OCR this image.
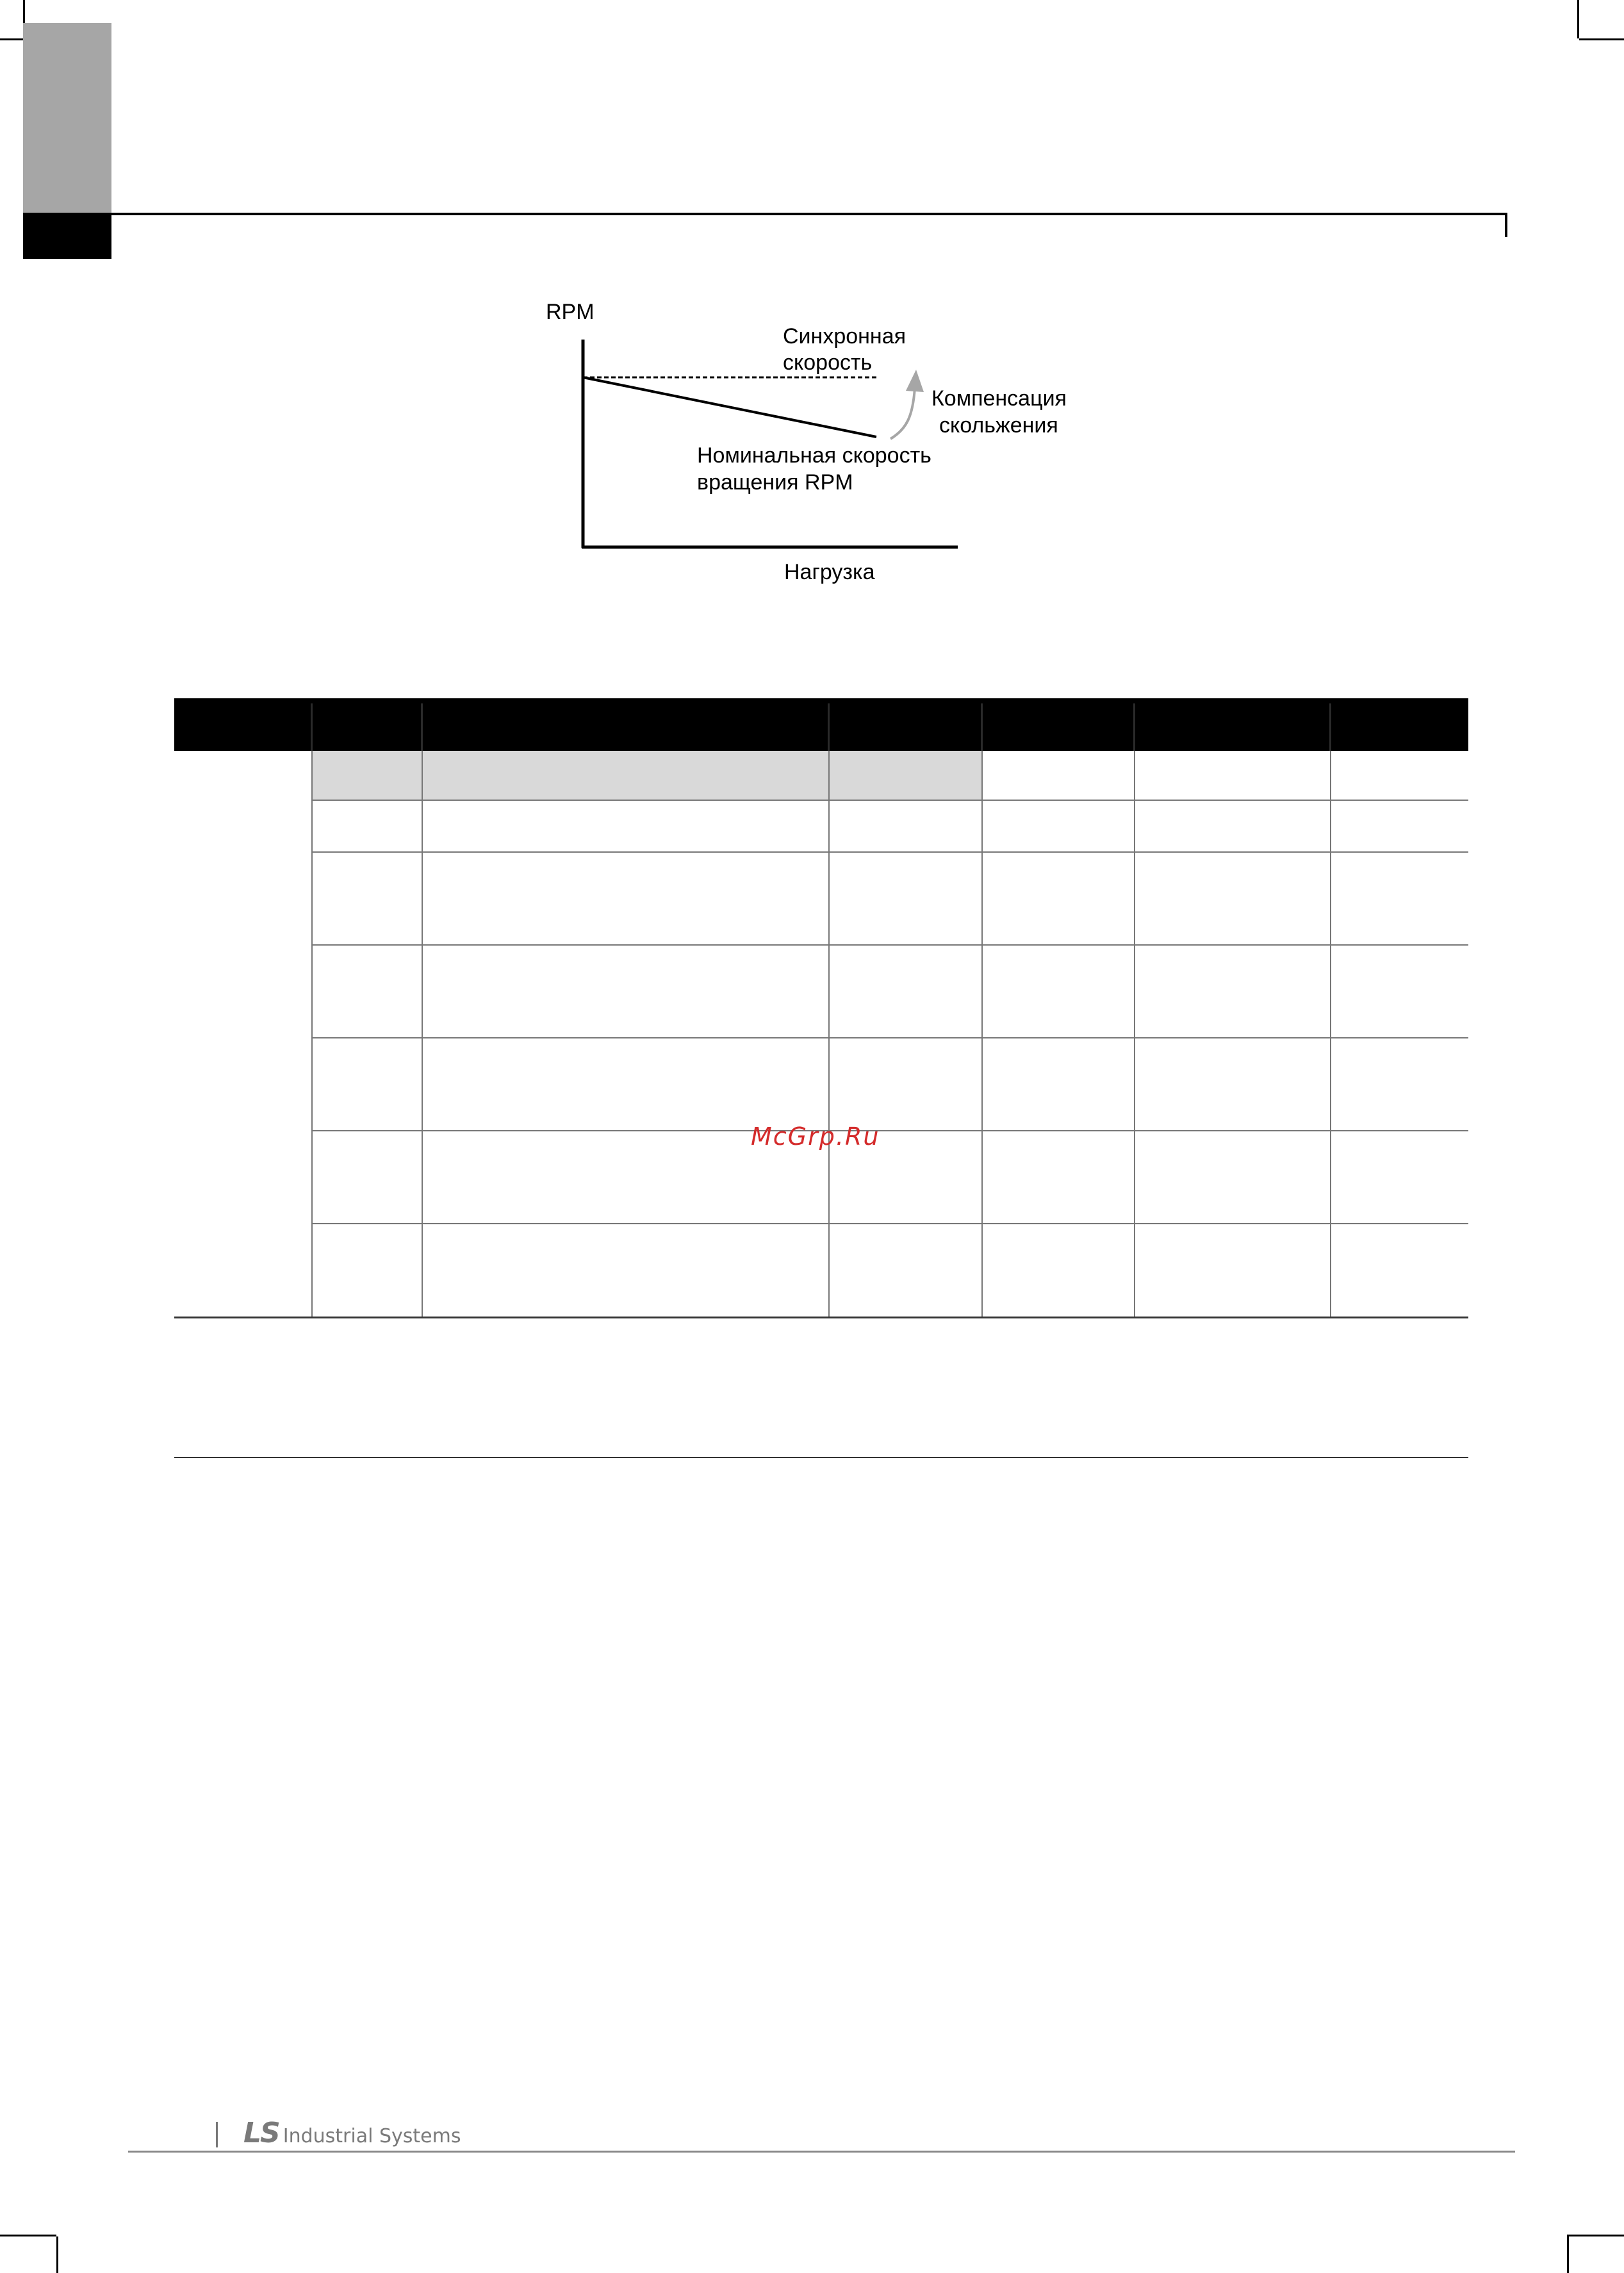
RPM
Синхронная
скорость
Компенсация
скольжения
Номинальная скорость
вращения RPM
Нагрузка
McGrp.Ru
LS Industrial Systems
